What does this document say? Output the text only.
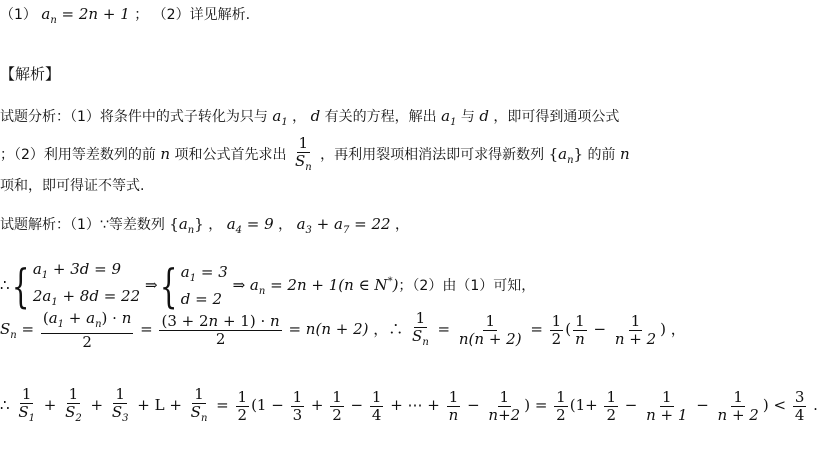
（1） $a_n = 2n + 1$ ； （2）详见解析.
【解析】
试题分析：（1）将条件中的式子转化为只与 $a_1$ ， d 有关的方程，解出 $a_1$ 与 d ，即可得到通项公式
；（2）利用等差数列的前 n 项和公式首先求出 $\frac{1}{S_n}$ ，再利用裂项相消法即可求得新数列 $\{a_n\}$ 的前 n
项和，即可得证不等式.
试题解析：（1）∵等差数列 $\{a_n\}$ ， $a_4 = 9$ ， $a_3 + a_7 = 22$ ，
∴{ $a_1 + 3d = 9$
$2a_1 + 8d = 22$
⇒{ $a_1 = 3$
d = 2
⇒ $a_n = 2n + 1(n$ ∈ N*)；（2）由（1）可知，
$S_n = \frac{(a_1 + a_n) \cdot n}{2} = \frac{(3 + 2n + 1) \cdot n}{2} = n(n + 2)$ ，∴ $\frac{1}{S_n} = \frac{1}{n(n + 2)} = \frac{1}{2}$ ( $\frac{1}{n} - \frac{1}{n + 2}$ ) ，
∴ $\frac{1}{S_1} + \frac{1}{S_2} + \frac{1}{S_3} + L + \frac{1}{S_n} = \frac{1}{2} (1 - \frac{1}{3} + \frac{1}{2} - \frac{1}{4}$ + ⋯ + $\frac{1}{n} - \frac{1}{n+2}$ ) = $\frac{1}{2} (1+ \frac{1}{2} - \frac{1}{n + 1} - \frac{1}{n + 2}$ ) < $\frac{3}{4}$ .
